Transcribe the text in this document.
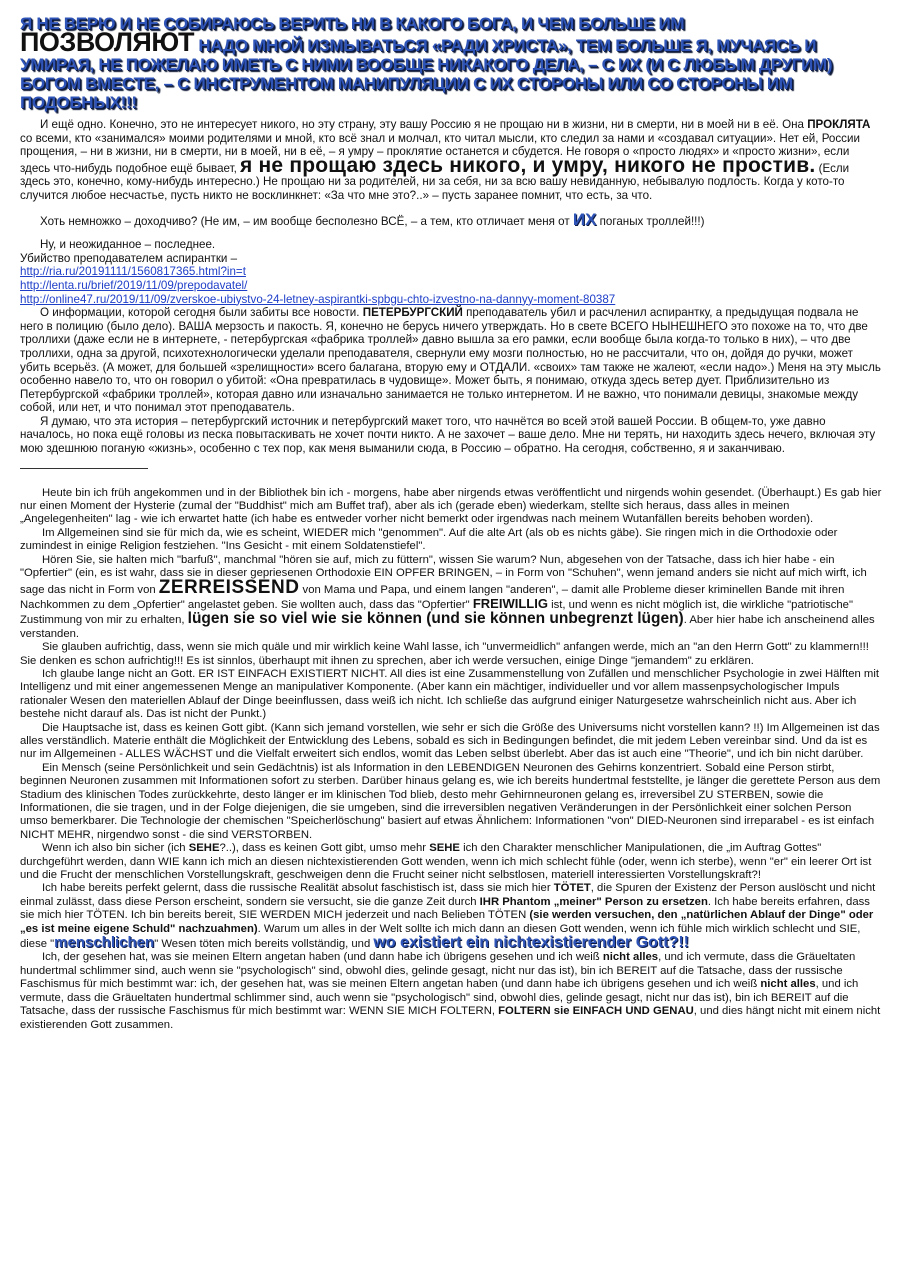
Я НЕ ВЕРЮ И НЕ СОБИРАЮСЬ ВЕРИТЬ НИ В КАКОГО БОГА, И ЧЕМ БОЛЬШЕ ИМ
ПОЗВОЛЯЮТ НАДО МНОЙ ИЗМЫВАТЬСЯ «РАДИ ХРИСТА», ТЕМ БОЛЬШЕ Я, МУЧАЯСЬ И УМИРАЯ, НЕ ПОЖЕЛАЮ ИМЕТЬ С НИМИ ВООБЩЕ НИКАКОГО ДЕЛА, – С ИХ (И С ЛЮБЫМ ДРУГИМ) БОГОМ ВМЕСТЕ, – С ИНСТРУМЕНТОМ МАНИПУЛЯЦИИ С ИХ СТОРОНЫ ИЛИ СО СТОРОНЫ ИМ ПОДОБНЫХ!!!

И ещё одно. Конечно, это не интересует никого, но эту страну, эту вашу Россию я не прощаю ни в жизни, ни в смерти, ни в моей ни в её. Она ПРОКЛЯТА со всеми, кто «занимался» моими родителями и мной, кто всё знал и молчал, кто читал мысли, кто следил за нами и «создавал ситуации». Нет ей, России прощения, – ни в жизни, ни в смерти, ни в моей, ни в её, – я умру – проклятие останется и сбудется. Не говоря о «просто людях» и «просто жизни», если здесь что-нибудь подобное ещё бывает, я не прощаю здесь никого, и умру, никого не простив. (Если здесь это, конечно, кому-нибудь интересно.) Не прощаю ни за родителей, ни за себя, ни за всю вашу невиданную, небывалую подлость. Когда у кото-то случится любое несчастье, пусть никто не восклинкнет: «За что мне это?..» – пусть заранее помнит, что есть, за что.

Хоть немножко – доходчиво? (Не им, – им вообще бесполезно ВСЁ, – а тем, кто отличает меня от ИХ поганых троллей!!!)

Ну, и неожиданное – последнее.

Убийство преподавателем аспирантки –

http://ria.ru/20191111/1560817365.html?in=t

http://lenta.ru/brief/2019/11/09/prepodavatel/

http://online47.ru/2019/11/09/zverskoe-ubiystvo-24-letney-aspirantki-spbgu-chto-izvestno-na-dannyy-moment-80387

О информации, которой сегодня были забиты все новости. ПЕТЕРБУРГСКИЙ преподаватель убил и расчленил аспирантку, а предыдущая подвала не него в полицию (было дело). ВАША мерзость и пакость. Я, конечно не берусь ничего утверждать. Но в свете ВСЕГО НЫНЕШНЕГО это похоже на то, что две троллихи (даже если не в интернете, - петербургская «фабрика троллей» давно вышла за его рамки, если вообще была когда-то только в них), – что две троллихи, одна за другой, психотехнологически уделали преподавателя, свернули ему мозги полностью, но не рассчитали, что он, дойдя до ручки, может убить всерьёз. (А может, для большей «зрелищности» всего балагана, вторую ему и ОТДАЛИ. «своих» там также не жалеют, «если надо».) Меня на эту мысль особенно навело то, что он говорил о убитой: «Она превратилась в чудовище». Может быть, я понимаю, откуда здесь ветер дует. Приблизительно из Петербургской «фабрики троллей», которая давно или изначально занимается не только интернетом. И не важно, что понимали девицы, знакомые между собой, или нет, и что понимал этот преподаватель.

Я думаю, что эта история – петербургский источник и петербургский макет того, что начнётся во всей этой вашей России. В общем-то, уже давно началось, но пока ещё головы из песка повытаскивать не хочет почти никто. А не захочет – ваше дело. Мне ни терять, ни находить здесь нечего, включая эту мою здешнюю поганую «жизнь», особенно с тех пор, как меня выманили сюда, в Россию – обратно. На сегодня, собственно, я и заканчиваю.

Heute bin ich früh angekommen und in der Bibliothek bin ich - morgens, habe aber nirgends etwas veröffentlicht und nirgends wohin gesendet. (Überhaupt.) Es gab hier nur einen Moment der Hysterie (zumal der "Buddhist" mich am Buffet traf), aber als ich (gerade eben) wiederkam, stellte sich heraus, dass alles in meinen „Angelegenheiten" lag - wie ich erwartet hatte (ich habe es entweder vorher nicht bemerkt oder irgendwas nach meinem Wutanfällen bereits behoben worden).

Im Allgemeinen sind sie für mich da, wie es scheint, WIEDER mich "genommen". Auf die alte Art (als ob es nichts gäbe). Sie ringen mich in die Orthodoxie oder zumindest in einige Religion festziehen. "Ins Gesicht - mit einem Soldatenstiefel".

Hören Sie, sie halten mich "barfuß", manchmal "hören sie auf, mich zu füttern", wissen Sie warum? Nun, abgesehen von der Tatsache, dass ich hier habe - ein "Opfertier" (ein, es ist wahr, dass sie in dieser gepriesenen Orthodoxie EIN OPFER BRINGEN, – in Form von "Schuhen", wenn jemand anders sie nicht auf mich wirft, ich sage das nicht in Form von ZERREISSEND von Mama und Papa, und einem langen "anderen", – damit alle Probleme dieser kriminellen Bande mit ihren Nachkommen zu dem „Opfertier" angelastet geben. Sie wollten auch, dass das "Opfertier" FREIWILLIG ist, und wenn es nicht möglich ist, die wirkliche "patriotische" Zustimmung von mir zu erhalten, lügen sie so viel wie sie können (und sie können unbegrenzt lügen). Aber hier habe ich anscheinend alles verstanden.

Sie glauben aufrichtig, dass, wenn sie mich quäle und mir wirklich keine Wahl lasse, ich "unvermeidlich" anfangen werde, mich an "an den Herrn Gott" zu klammern!!! Sie denken es schon aufrichtig!!! Es ist sinnlos, überhaupt mit ihnen zu sprechen, aber ich werde versuchen, einige Dinge "jemandem" zu erklären.

Ich glaube lange nicht an Gott. ER IST EINFACH EXISTIERT NICHT. All dies ist eine Zusammenstellung von Zufällen und menschlicher Psychologie in zwei Hälften mit Intelligenz und mit einer angemessenen Menge an manipulativer Komponente. (Aber kann ein mächtiger, individueller und vor allem massenpsychologischer Impuls rationaler Wesen den materiellen Ablauf der Dinge beeinflussen, dass weiß ich nicht. Ich schließe das aufgrund einiger Naturgesetze wahrscheinlich nicht aus. Aber ich bestehe nicht darauf als. Das ist nicht der Punkt.)

Die Hauptsache ist, dass es keinen Gott gibt. (Kann sich jemand vorstellen, wie sehr er sich die Größe des Universums nicht vorstellen kann? !!) Im Allgemeinen ist das alles verständlich. Materie enthält die Möglichkeit der Entwicklung des Lebens, sobald es sich in Bedingungen befindet, die mit jedem Leben vereinbar sind. Und da ist es nur im Allgemeinen - ALLES WÄCHST und die Vielfalt erweitert sich endlos, womit das Leben selbst überlebt. Aber das ist auch eine "Theorie", und ich bin nicht darüber.

Ein Mensch (seine Persönlichkeit und sein Gedächtnis) ist als Information in den LEBENDIGEN Neuronen des Gehirns konzentriert. Sobald eine Person stirbt, beginnen Neuronen zusammen mit Informationen sofort zu sterben. Darüber hinaus gelang es, wie ich bereits hundertmal feststellte, je länger die gerettete Person aus dem Stadium des klinischen Todes zurückkehrte, desto länger er im klinischen Tod blieb, desto mehr Gehirnneuronen gelang es, irreversibel ZU STERBEN, sowie die Informationen, die sie tragen, und in der Folge diejenigen, die sie umgeben, sind die irreversiblen negativen Veränderungen in der Persönlichkeit einer solchen Person umso bemerkbarer. Die Technologie der chemischen "Speicherlöschung" basiert auf etwas Ähnlichem: Informationen "von" DIED-Neuronen sind irreparabel - es ist einfach NICHT MEHR, nirgendwo sonst - die sind VERSTORBEN.

Wenn ich also bin sicher (ich SEHE?..), dass es keinen Gott gibt, umso mehr SEHE ich den Charakter menschlicher Manipulationen, die „im Auftrag Gottes" durchgeführt werden, dann WIE kann ich mich an diesen nichtexistierenden Gott wenden, wenn ich mich schlecht fühle (oder, wenn ich sterbe), wenn "er" ein leerer Ort ist und die Frucht der menschlichen Vorstellungskraft, geschweigen denn die Frucht seiner nicht selbstlosen, materiell interessierten Vorstellungskraft?!

Ich habe bereits perfekt gelernt, dass die russische Realität absolut faschistisch ist, dass sie mich hier TÖTET, die Spuren der Existenz der Person auslöscht und nicht einmal zulässt, dass diese Person erscheint, sondern sie versucht, sie die ganze Zeit durch IHR Phantom „meiner" Person zu ersetzen. Ich habe bereits erfahren, dass sie mich hier TÖTEN. Ich bin bereits bereit, SIE WERDEN MICH jederzeit und nach Belieben TÖTEN (sie werden versuchen, den „natürlichen Ablauf der Dinge" oder „es ist meine eigene Schuld" nachzuahmen). Warum um alles in der Welt sollte ich mich dann an diesen Gott wenden, wenn ich fühle mich wirklich schlecht und SIE, diese "menschlichen" Wesen töten mich bereits vollständig, und wo existiert ein nichtexistierender Gott?!!

Ich, der gesehen hat, was sie meinen Eltern angetan haben (und dann habe ich übrigens gesehen und ich weiß nicht alles, und ich vermute, dass die Gräueltaten hundertmal schlimmer sind, auch wenn sie "psychologisch" sind, obwohl dies, gelinde gesagt, nicht nur das ist), bin ich BEREIT auf die Tatsache, dass der russische Faschismus für mich bestimmt war: ich, der gesehen hat, was sie meinen Eltern angetan haben (und dann habe ich übrigens gesehen und ich weiß nicht alles, und ich vermute, dass die Gräueltaten hundertmal schlimmer sind, auch wenn sie "psychologisch" sind, obwohl dies, gelinde gesagt, nicht nur das ist), bin ich BEREIT auf die Tatsache, dass der russische Faschismus für mich bestimmt war: WENN SIE MICH FOLTERN, FOLTERN sie EINFACH UND GENAU, und dies hängt nicht mit einem nicht existierenden Gott zusammen.
